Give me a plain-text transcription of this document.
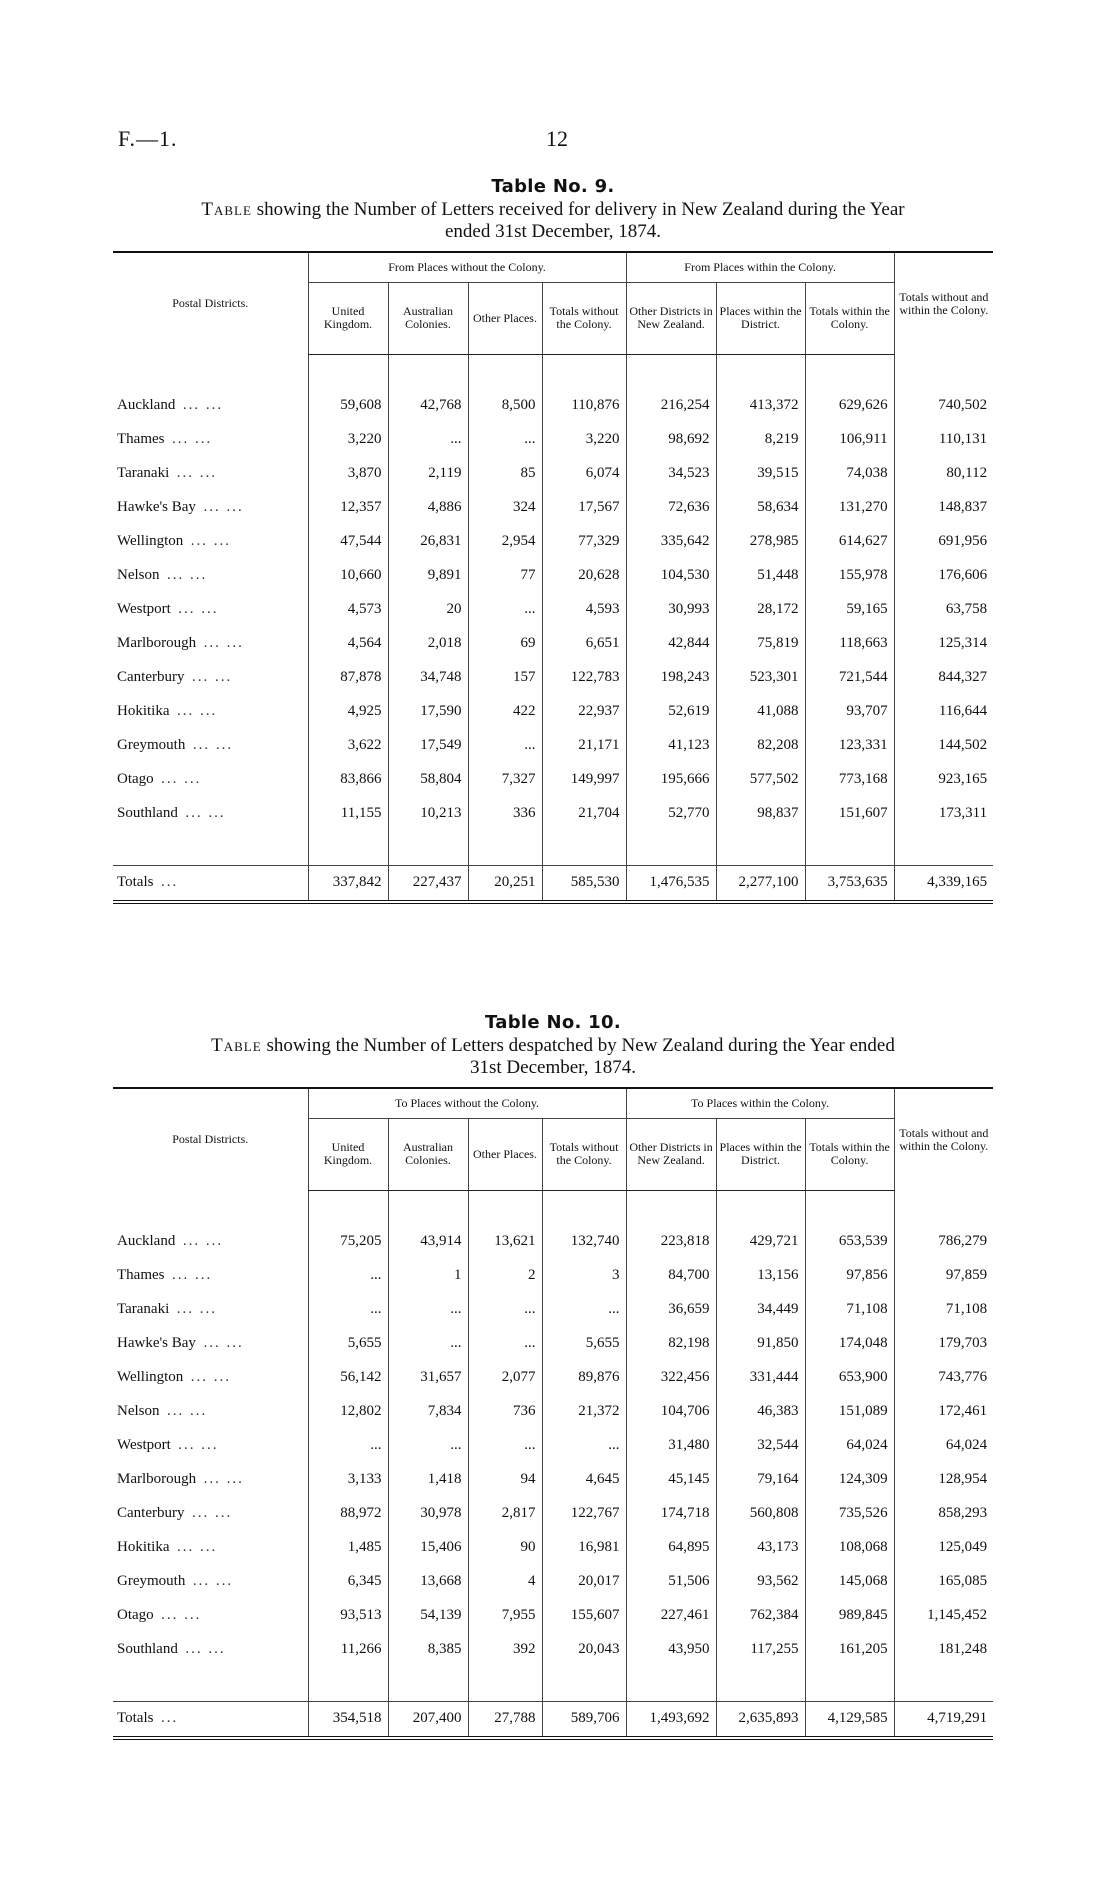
F.—1.	12
Table No. 9.
Table showing the Number of Letters received for delivery in New Zealand during the Year
ended 31st December, 1874.
Postal Districts.	From Places without the Colony.				From Places within the Colony.			Totals without and within the Colony.
	United Kingdom.	Australian Colonies.	Other Places.	Totals without the Colony.	Other Districts in New Zealand.	Places within the District.	Totals within the Colony.	

Auckland ... ...	59,608	42,768	8,500	110,876	216,254	413,372	629,626	740,502
Thames ... ...	3,220	...	...	3,220	98,692	8,219	106,911	110,131
Taranaki ... ...	3,870	2,119	85	6,074	34,523	39,515	74,038	80,112
Hawke's Bay ... ...	12,357	4,886	324	17,567	72,636	58,634	131,270	148,837
Wellington ... ...	47,544	26,831	2,954	77,329	335,642	278,985	614,627	691,956
Nelson ... ...	10,660	9,891	77	20,628	104,530	51,448	155,978	176,606
Westport ... ...	4,573	20	...	4,593	30,993	28,172	59,165	63,758
Marlborough ... ...	4,564	2,018	69	6,651	42,844	75,819	118,663	125,314
Canterbury ... ...	87,878	34,748	157	122,783	198,243	523,301	721,544	844,327
Hokitika ... ...	4,925	17,590	422	22,937	52,619	41,088	93,707	116,644
Greymouth ... ...	3,622	17,549	...	21,171	41,123	82,208	123,331	144,502
Otago ... ...	83,866	58,804	7,327	149,997	195,666	577,502	773,168	923,165
Southland ... ...	11,155	10,213	336	21,704	52,770	98,837	151,607	173,311

Totals ...	337,842	227,437	20,251	585,530	1,476,535	2,277,100	3,753,635	4,339,165
Table No. 10.
Table showing the Number of Letters despatched by New Zealand during the Year ended
31st December, 1874.
Postal Districts.	To Places without the Colony.				To Places within the Colony.			Totals without and within the Colony.
	United Kingdom.	Australian Colonies.	Other Places.	Totals without the Colony.	Other Districts in New Zealand.	Places within the District.	Totals within the Colony.	

Auckland ... ...	75,205	43,914	13,621	132,740	223,818	429,721	653,539	786,279
Thames ... ...	...	1	2	3	84,700	13,156	97,856	97,859
Taranaki ... ...	...	...	...	...	36,659	34,449	71,108	71,108
Hawke's Bay ... ...	5,655	...	...	5,655	82,198	91,850	174,048	179,703
Wellington ... ...	56,142	31,657	2,077	89,876	322,456	331,444	653,900	743,776
Nelson ... ...	12,802	7,834	736	21,372	104,706	46,383	151,089	172,461
Westport ... ...	...	...	...	...	31,480	32,544	64,024	64,024
Marlborough ... ...	3,133	1,418	94	4,645	45,145	79,164	124,309	128,954
Canterbury ... ...	88,972	30,978	2,817	122,767	174,718	560,808	735,526	858,293
Hokitika ... ...	1,485	15,406	90	16,981	64,895	43,173	108,068	125,049
Greymouth ... ...	6,345	13,668	4	20,017	51,506	93,562	145,068	165,085
Otago ... ...	93,513	54,139	7,955	155,607	227,461	762,384	989,845	1,145,452
Southland ... ...	11,266	8,385	392	20,043	43,950	117,255	161,205	181,248

Totals ...	354,518	207,400	27,788	589,706	1,493,692	2,635,893	4,129,585	4,719,291
